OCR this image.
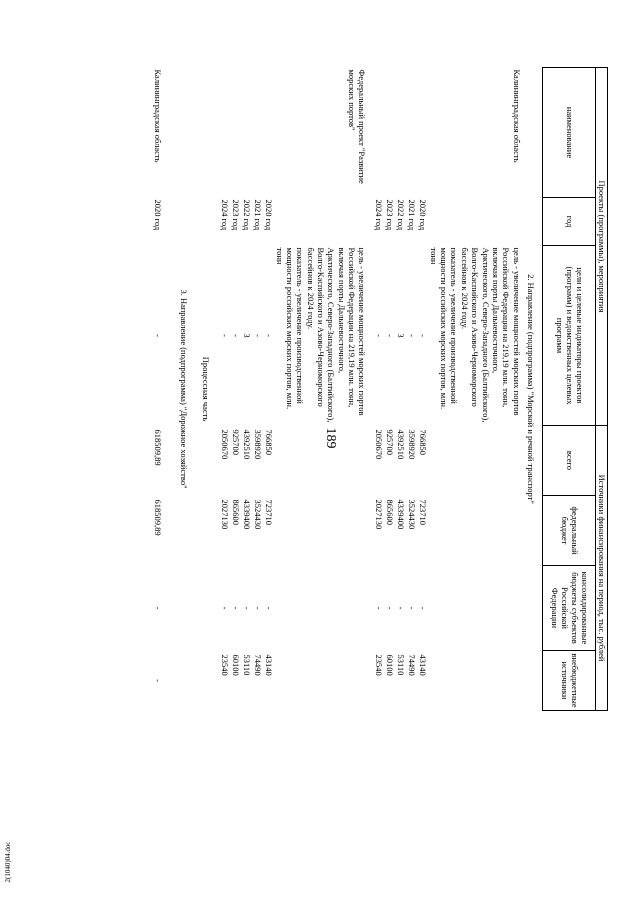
189
2(1040)04.doc
Проекты (программы), мероприятия			Источники финансирования на период, тыс. рублей				
наименование	год	цели и целевые индикаторы проектов (программ) и ведомственных целевых программ	всего	федеральный бюджет	консолидированные бюджеты субъектов Российской Федерации	внебюджетные источники	
2. Направление (подпрограмма) "Морской и речной транспорт"							
Калининградская область		цель - увеличение мощностей морских портов Российской Федерации на 219,19 млн. тонн, включая порты Дальневосточного, Арктического, Северо-Западного (Балтийского), Волго-Каспийского и Азово-Черноморского бассейнов к 2024 году.					
		показатель - увеличение производственной мощности российских морских портов, млн. тонн					
	2020 год	-	766850	723710	-	43140	
	2021 год	-	3598920	3524430	-	74490	
	2022 год	3	4392510	4339400	-	53110	
	2023 год	-	925700	865600	-	60100	
	2024 год	-	2050670	2027130	-	23540	
Федеральный проект "Развитие морских портов"		цель - увеличение мощностей морских портов Российской Федерации на 219,19 млн. тонн, включая порты Дальневосточного, Арктического, Северо-Западного (Балтийского), Волго-Каспийского и Азово-Черноморского бассейнов к 2024 году.					
		показатель - увеличение производственной мощности российских морских портов, млн. тонн					
	2020 год	-	766850	723710	-	43140	
	2021 год	-	3598920	3524430	-	74490	
	2022 год	3	4392510	4339400	-	53110	
	2023 год	-	925700	865600	-	60100	
	2024 год	-	2050670	2027130	-	23540	
Процессная часть							
3. Направление (подпрограмма) "Дорожное хозяйство"							

Калининградская область	2020 год	-	618509,89	618509,89	-	-	
